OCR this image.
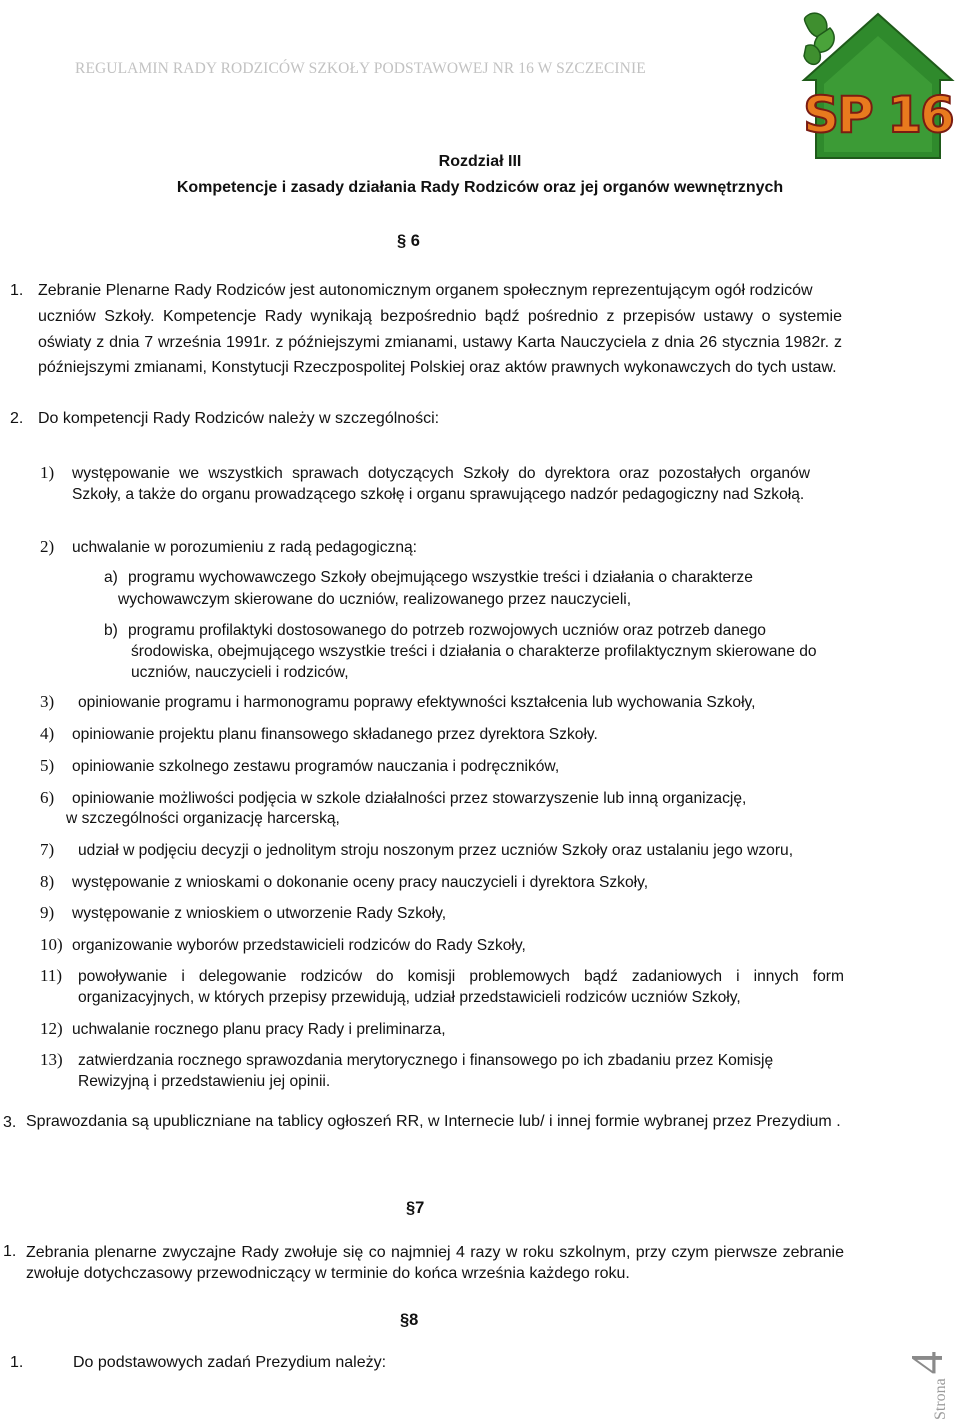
REGULAMIN RADY RODZICÓW SZKOŁY PODSTAWOWEJ NR 16 W SZCZECINIE
SP 16
Rozdział III
Kompetencje i zasady działania Rady Rodziców oraz jej organów wewnętrznych
§ 6
1. Zebranie Plenarne Rady Rodziców jest autonomicznym organem społecznym reprezentującym ogół rodziców
uczniów Szkoły. Kompetencje Rady wynikają bezpośrednio bądź pośrednio z przepisów ustawy o systemie oświaty z dnia 7 września 1991r. z późniejszymi zmianami, ustawy Karta Nauczyciela z dnia 26 stycznia 1982r. z późniejszymi zmianami, Konstytucji Rzeczpospolitej Polskiej oraz aktów prawnych wykonawczych do tych ustaw.
2. Do kompetencji Rady Rodziców należy w szczególności:
1) występowanie we wszystkich sprawach dotyczących Szkoły do dyrektora oraz pozostałych organów Szkoły, a także do organu prowadzącego szkołę i organu sprawującego nadzór pedagogiczny nad Szkołą.
2) uchwalanie w porozumieniu z radą pedagogiczną:
a) programu wychowawczego Szkoły obejmującego wszystkie treści i działania o charakterze
wychowawczym skierowane do uczniów, realizowanego przez nauczycieli,
b) programu profilaktyki dostosowanego do potrzeb rozwojowych uczniów oraz potrzeb danego
środowiska, obejmującego wszystkie treści i działania o charakterze profilaktycznym skierowane do uczniów, nauczycieli i rodziców,
3) opiniowanie programu i harmonogramu poprawy efektywności kształcenia lub wychowania Szkoły,
4) opiniowanie projektu planu finansowego składanego przez dyrektora Szkoły.
5) opiniowanie szkolnego zestawu programów nauczania i podręczników,
6) opiniowanie możliwości podjęcia w szkole działalności przez stowarzyszenie lub inną organizację,
w szczególności organizację harcerską,
7) udział w podjęciu decyzji o jednolitym stroju noszonym przez uczniów Szkoły oraz ustalaniu jego wzoru,
8) występowanie z wnioskami o dokonanie oceny pracy nauczycieli i dyrektora Szkoły,
9) występowanie z wnioskiem o utworzenie Rady Szkoły,
10) organizowanie wyborów przedstawicieli rodziców do Rady Szkoły,
11) powoływanie i delegowanie rodziców do komisji problemowych bądź zadaniowych i innych form organizacyjnych, w których przepisy przewidują, udział przedstawicieli rodziców uczniów Szkoły,
12) uchwalanie rocznego planu pracy Rady i preliminarza,
13) zatwierdzania rocznego sprawozdania merytorycznego i finansowego po ich zbadaniu przez Komisję Rewizyjną i przedstawieniu jej opinii.
3. Sprawozdania są upubliczniane na tablicy ogłoszeń RR, w Internecie lub/ i innej formie wybranej przez Prezydium .
§7
1. Zebrania plenarne zwyczajne Rady zwołuje się co najmniej 4 razy w roku szkolnym, przy czym pierwsze zebranie zwołuje dotychczasowy przewodniczący w terminie do końca września każdego roku.
§8
1.	Do podstawowych zadań Prezydium należy:
Strona
4
